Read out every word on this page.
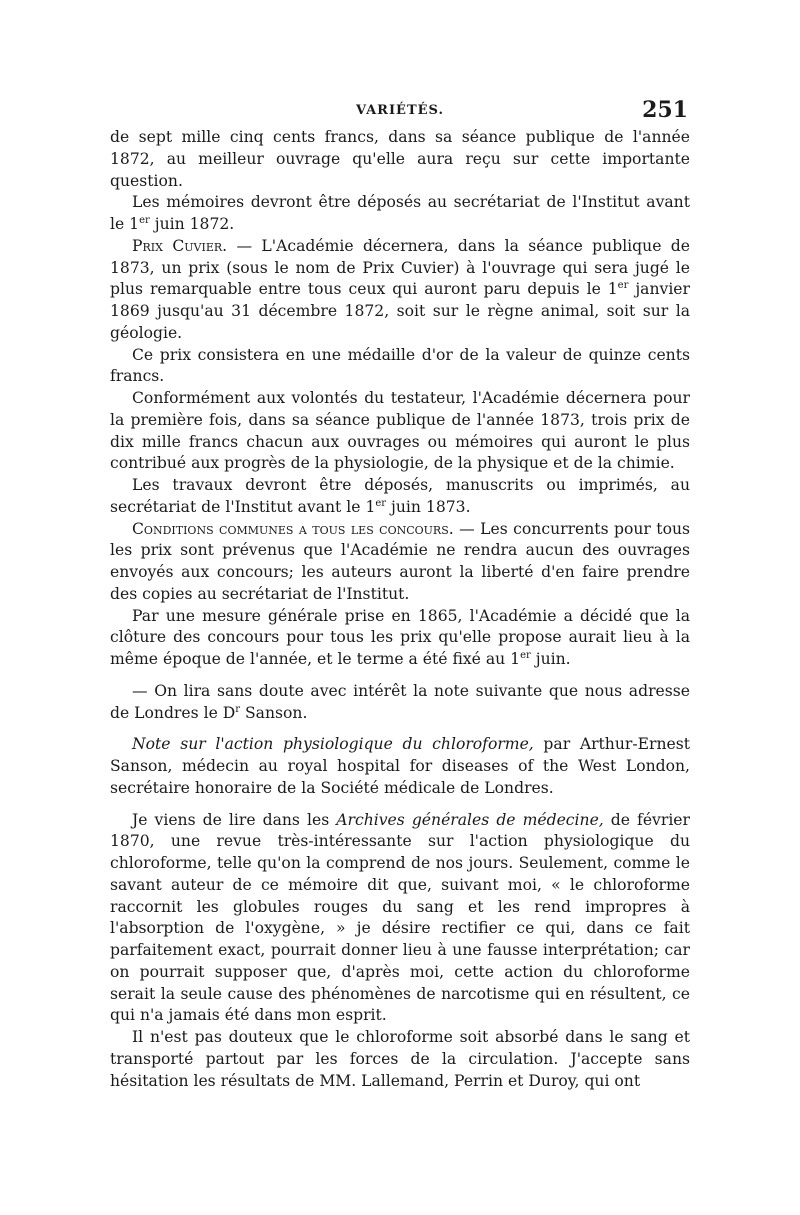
VARIÉTÉS.	251

de sept mille cinq cents francs, dans sa séance publique de l'année 1872, au meilleur ouvrage qu'elle aura reçu sur cette importante question.

Les mémoires devront être déposés au secrétariat de l'Institut avant le 1er juin 1872.

Prix Cuvier. — L'Académie décernera, dans la séance publique de 1873, un prix (sous le nom de Prix Cuvier) à l'ouvrage qui sera jugé le plus remarquable entre tous ceux qui auront paru depuis le 1er janvier 1869 jusqu'au 31 décembre 1872, soit sur le règne animal, soit sur la géologie.

Ce prix consistera en une médaille d'or de la valeur de quinze cents francs.

Conformément aux volontés du testateur, l'Académie décernera pour la première fois, dans sa séance publique de l'année 1873, trois prix de dix mille francs chacun aux ouvrages ou mémoires qui auront le plus contribué aux progrès de la physiologie, de la physique et de la chimie.

Les travaux devront être déposés, manuscrits ou imprimés, au secrétariat de l'Institut avant le 1er juin 1873.

Conditions communes a tous les concours. — Les concurrents pour tous les prix sont prévenus que l'Académie ne rendra aucun des ouvrages envoyés aux concours; les auteurs auront la liberté d'en faire prendre des copies au secrétariat de l'Institut.

Par une mesure générale prise en 1865, l'Académie a décidé que la clôture des concours pour tous les prix qu'elle propose aurait lieu à la même époque de l'année, et le terme a été fixé au 1er juin.

— On lira sans doute avec intérêt la note suivante que nous adresse de Londres le $D^r$ Sanson.

Note sur l'action physiologique du chloroforme, par Arthur-Ernest Sanson, médecin au royal hospital for diseases of the West London, secrétaire honoraire de la Société médicale de Londres.

Je viens de lire dans les Archives générales de médecine, de février 1870, une revue très-intéressante sur l'action physiologique du chloroforme, telle qu'on la comprend de nos jours. Seulement, comme le savant auteur de ce mémoire dit que, suivant moi, « le chloroforme raccornit les globules rouges du sang et les rend impropres à l'absorption de l'oxygène, » je désire rectifier ce qui, dans ce fait parfaitement exact, pourrait donner lieu à une fausse interprétation; car on pourrait supposer que, d'après moi, cette action du chloroforme serait la seule cause des phénomènes de narcotisme qui en résultent, ce qui n'a jamais été dans mon esprit.

Il n'est pas douteux que le chloroforme soit absorbé dans le sang et transporté partout par les forces de la circulation. J'accepte sans hésitation les résultats de MM. Lallemand, Perrin et Duroy, qui ont
